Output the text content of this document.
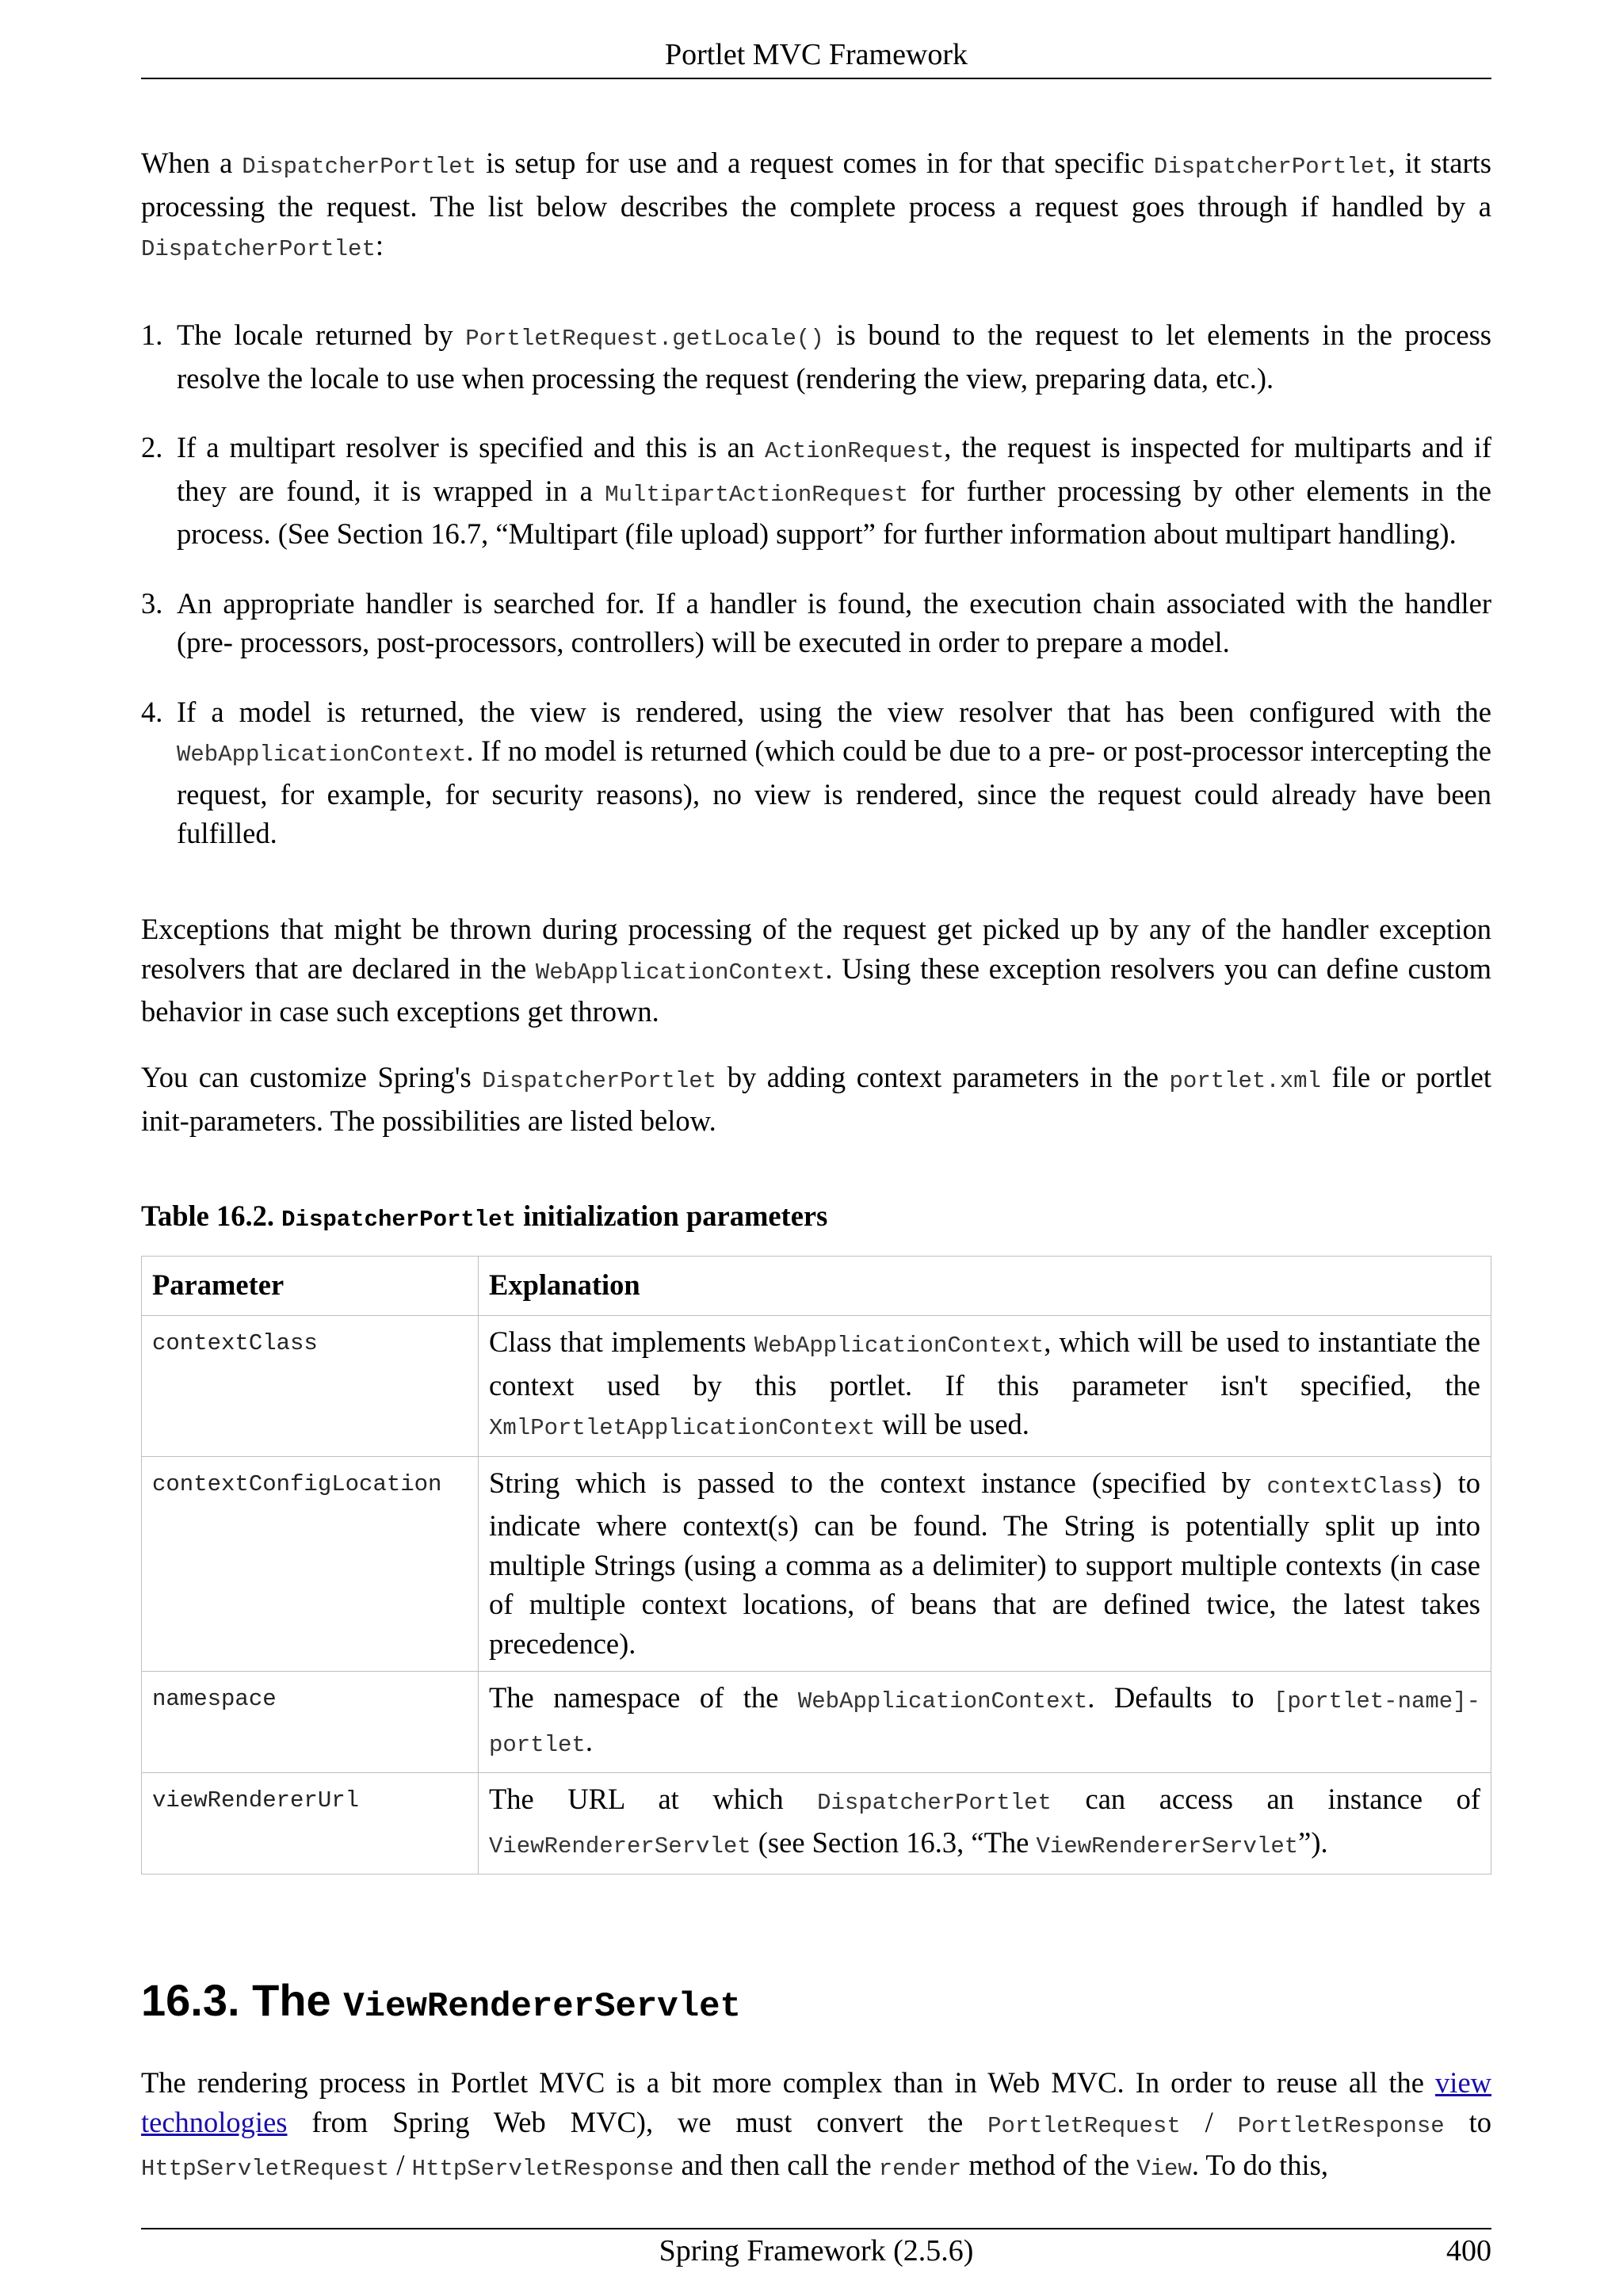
Portlet MVC Framework

When a DispatcherPortlet is setup for use and a request comes in for that specific DispatcherPortlet, it starts processing the request. The list below describes the complete process a request goes through if handled by a DispatcherPortlet:

1. The locale returned by PortletRequest.getLocale() is bound to the request to let elements in the process resolve the locale to use when processing the request (rendering the view, preparing data, etc.).
2. If a multipart resolver is specified and this is an ActionRequest, the request is inspected for multiparts and if they are found, it is wrapped in a MultipartActionRequest for further processing by other elements in the process. (See Section 16.7, “Multipart (file upload) support” for further information about multipart handling).
3. An appropriate handler is searched for. If a handler is found, the execution chain associated with the handler (pre- processors, post-processors, controllers) will be executed in order to prepare a model.
4. If a model is returned, the view is rendered, using the view resolver that has been configured with the WebApplicationContext. If no model is returned (which could be due to a pre- or post-processor intercepting the request, for example, for security reasons), no view is rendered, since the request could already have been fulfilled.

Exceptions that might be thrown during processing of the request get picked up by any of the handler exception resolvers that are declared in the WebApplicationContext. Using these exception resolvers you can define custom behavior in case such exceptions get thrown.

You can customize Spring's DispatcherPortlet by adding context parameters in the portlet.xml file or portlet init-parameters. The possibilities are listed below.

Table 16.2. DispatcherPortlet initialization parameters

Parameter	Explanation
contextClass	Class that implements WebApplicationContext, which will be used to instantiate the context used by this portlet. If this parameter isn't specified, the XmlPortletApplicationContext will be used.
contextConfigLocation	String which is passed to the context instance (specified by contextClass) to indicate where context(s) can be found. The String is potentially split up into multiple Strings (using a comma as a delimiter) to support multiple contexts (in case of multiple context locations, of beans that are defined twice, the latest takes precedence).
namespace	The namespace of the WebApplicationContext. Defaults to [portlet-name]-portlet.
viewRendererUrl	The URL at which DispatcherPortlet can access an instance of ViewRendererServlet (see Section 16.3, “The ViewRendererServlet”).
16.3. The ViewRendererServlet

The rendering process in Portlet MVC is a bit more complex than in Web MVC. In order to reuse all the view technologies from Spring Web MVC), we must convert the PortletRequest / PortletResponse to HttpServletRequest / HttpServletResponse and then call the render method of the View. To do this,

Spring Framework (2.5.6)	400
